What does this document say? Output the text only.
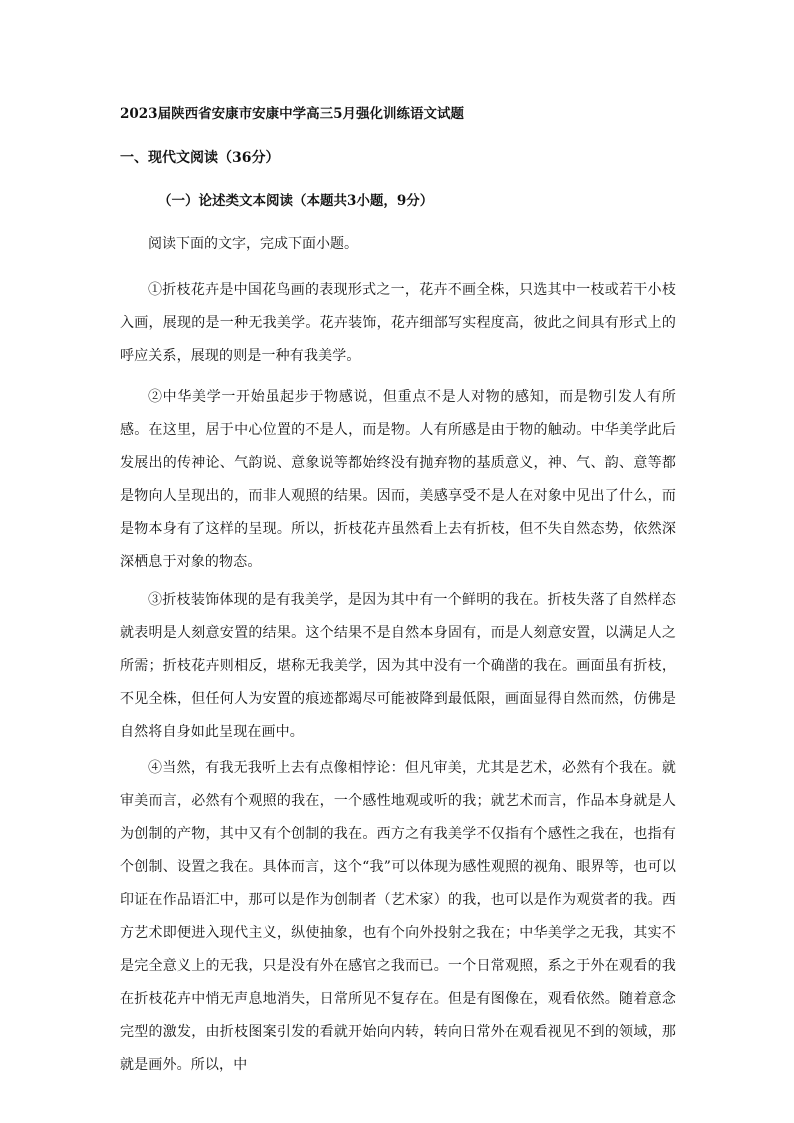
2023届陕西省安康市安康中学高三5月强化训练语文试题
一、现代文阅读（36分）
（一）论述类文本阅读（本题共3小题，9分）
阅读下面的文字，完成下面小题。

①折枝花卉是中国花鸟画的表现形式之一，花卉不画全株，只选其中一枝或若干小枝入画，展现的是一种无我美学。花卉装饰，花卉细部写实程度高，彼此之间具有形式上的呼应关系，展现的则是一种有我美学。

②中华美学一开始虽起步于物感说，但重点不是人对物的感知，而是物引发人有所感。在这里，居于中心位置的不是人，而是物。人有所感是由于物的触动。中华美学此后发展出的传神论、气韵说、意象说等都始终没有抛弃物的基质意义，神、气、韵、意等都是物向人呈现出的，而非人观照的结果。因而，美感享受不是人在对象中见出了什么，而是物本身有了这样的呈现。所以，折枝花卉虽然看上去有折枝，但不失自然态势，依然深深栖息于对象的物态。

③折枝装饰体现的是有我美学，是因为其中有一个鲜明的我在。折枝失落了自然样态就表明是人刻意安置的结果。这个结果不是自然本身固有，而是人刻意安置，以满足人之所需；折枝花卉则相反，堪称无我美学，因为其中没有一个确凿的我在。画面虽有折枝，不见全株，但任何人为安置的痕迹都竭尽可能被降到最低限，画面显得自然而然，仿佛是自然将自身如此呈现在画中。

④当然，有我无我听上去有点像相悖论：但凡审美，尤其是艺术，必然有个我在。就审美而言，必然有个观照的我在，一个感性地观或听的我；就艺术而言，作品本身就是人为创制的产物，其中又有个创制的我在。西方之有我美学不仅指有个感性之我在，也指有个创制、设置之我在。具体而言，这个“我”可以体现为感性观照的视角、眼界等，也可以印证在作品语汇中，那可以是作为创制者（艺术家）的我，也可以是作为观赏者的我。西方艺术即便进入现代主义，纵使抽象，也有个向外投射之我在；中华美学之无我，其实不是完全意义上的无我，只是没有外在感官之我而已。一个日常观照，系之于外在观看的我在折枝花卉中悄无声息地消失，日常所见不复存在。但是有图像在，观看依然。随着意念完型的激发，由折枝图案引发的看就开始向内转，转向日常外在观看视见不到的领域，那就是画外。所以，中
